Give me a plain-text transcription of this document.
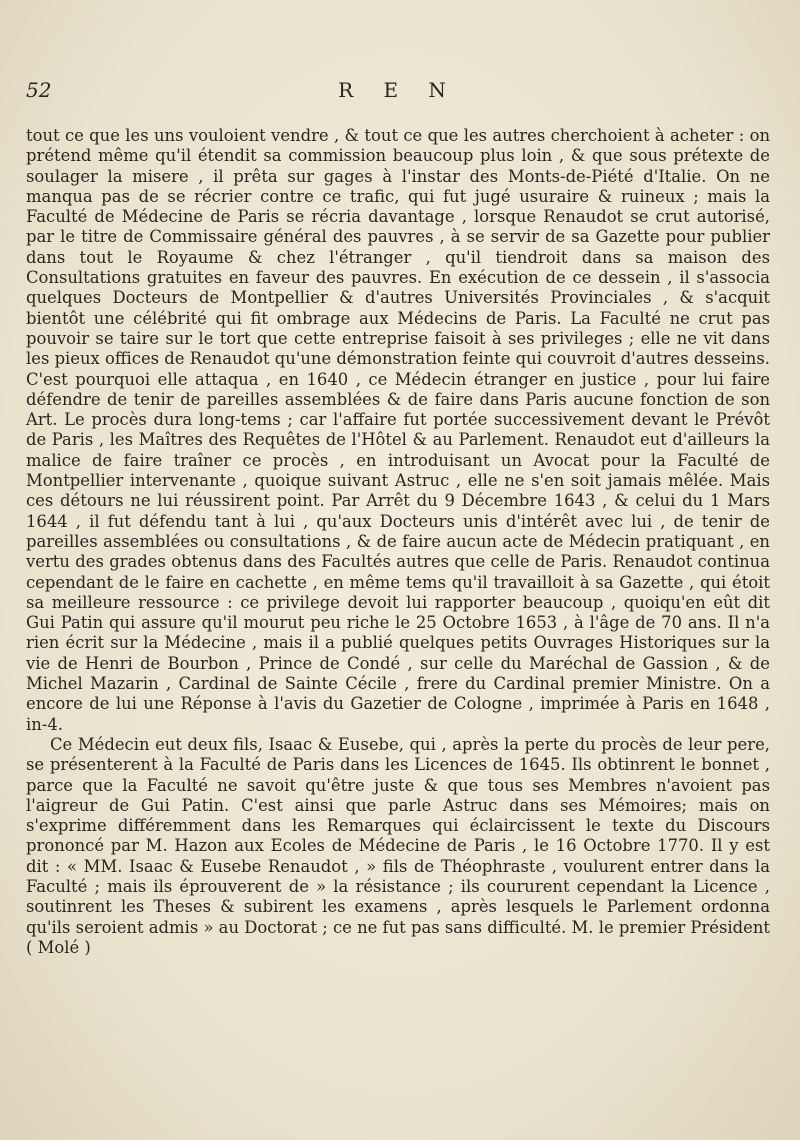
52	R E N

tout ce que les uns vouloient vendre , & tout ce que les autres cherchoient à acheter : on prétend même qu'il étendit sa commission beaucoup plus loin , & que sous prétexte de soulager la misere , il prêta sur gages à l'instar des Monts-de-Piété d'Italie. On ne manqua pas de se récrier contre ce trafic, qui fut jugé usuraire & ruineux ; mais la Faculté de Médecine de Paris se récria davantage , lorsque Renaudot se crut autorisé, par le titre de Commissaire général des pauvres , à se servir de sa Gazette pour publier dans tout le Royaume & chez l'étranger , qu'il tiendroit dans sa maison des Consultations gratuites en faveur des pauvres. En exécution de ce dessein , il s'associa quelques Docteurs de Montpellier & d'autres Universités Provinciales , & s'acquit bientôt une célébrité qui fit ombrage aux Médecins de Paris. La Faculté ne crut pas pouvoir se taire sur le tort que cette entreprise faisoit à ses privileges ; elle ne vit dans les pieux offices de Renaudot qu'une démonstration feinte qui couvroit d'autres desseins. C'est pourquoi elle attaqua , en 1640 , ce Médecin étranger en justice , pour lui faire défendre de tenir de pareilles assemblées & de faire dans Paris aucune fonction de son Art. Le procès dura long-tems ; car l'affaire fut portée successivement devant le Prévôt de Paris , les Maîtres des Requêtes de l'Hôtel & au Parlement. Renaudot eut d'ailleurs la malice de faire traîner ce procès , en introduisant un Avocat pour la Faculté de Montpellier intervenante , quoique suivant Astruc , elle ne s'en soit jamais mêlée. Mais ces détours ne lui réussirent point. Par Arrêt du 9 Décembre 1643 , & celui du 1 Mars 1644 , il fut défendu tant à lui , qu'aux Docteurs unis d'intérêt avec lui , de tenir de pareilles assemblées ou consultations , & de faire aucun acte de Médecin pratiquant , en vertu des grades obtenus dans des Facultés autres que celle de Paris. Renaudot continua cependant de le faire en cachette , en même tems qu'il travailloit à sa Gazette , qui étoit sa meilleure ressource : ce privilege devoit lui rapporter beaucoup , quoiqu'en eût dit Gui Patin qui assure qu'il mourut peu riche le 25 Octobre 1653 , à l'âge de 70 ans. Il n'a rien écrit sur la Médecine , mais il a publié quelques petits Ouvrages Historiques sur la vie de Henri de Bourbon , Prince de Condé , sur celle du Maréchal de Gassion , & de Michel Mazarin , Cardinal de Sainte Cécile , frere du Cardinal premier Ministre. On a encore de lui une Réponse à l'avis du Gazetier de Cologne , imprimée à Paris en 1648 , in-4.

Ce Médecin eut deux fils, Isaac & Eusebe, qui , après la perte du procès de leur pere, se présenterent à la Faculté de Paris dans les Licences de 1645. Ils obtinrent le bonnet , parce que la Faculté ne savoit qu'être juste & que tous ses Membres n'avoient pas l'aigreur de Gui Patin. C'est ainsi que parle Astruc dans ses Mémoires; mais on s'exprime différemment dans les Remarques qui éclaircissent le texte du Discours prononcé par M. Hazon aux Ecoles de Médecine de Paris , le 16 Octobre 1770. Il y est dit : « MM. Isaac & Eusebe Renaudot , » fils de Théophraste , voulurent entrer dans la Faculté ; mais ils éprouverent de » la résistance ; ils coururent cependant la Licence , soutinrent les Theses & subirent les examens , après lesquels le Parlement ordonna qu'ils seroient admis » au Doctorat ; ce ne fut pas sans difficulté. M. le premier Président ( Molé )
